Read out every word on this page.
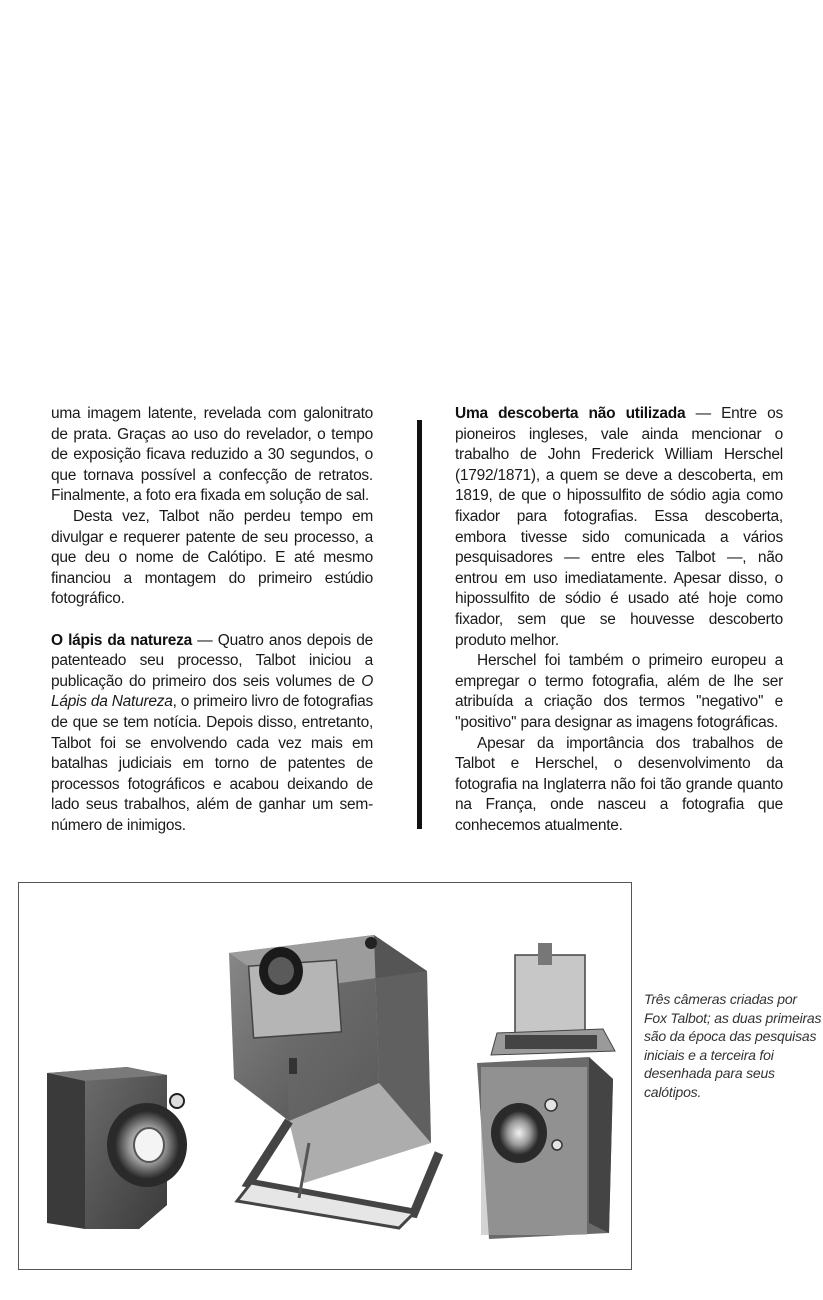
uma imagem latente, revelada com galonitrato de prata. Graças ao uso do revelador, o tempo de exposição ficava reduzido a 30 segundos, o que tornava possível a confecção de retratos. Finalmente, a foto era fixada em solução de sal.

Desta vez, Talbot não perdeu tempo em divulgar e requerer patente de seu processo, a que deu o nome de Calótipo. E até mesmo financiou a montagem do primeiro estúdio fotográfico.

O lápis da natureza — Quatro anos depois de patenteado seu processo, Talbot iniciou a publicação do primeiro dos seis volumes de O Lápis da Natureza, o primeiro livro de fotografias de que se tem notícia. Depois disso, entretanto, Talbot foi se envolvendo cada vez mais em batalhas judiciais em torno de patentes de processos fotográficos e acabou deixando de lado seus trabalhos, além de ganhar um sem-número de inimigos.

Uma descoberta não utilizada — Entre os pioneiros ingleses, vale ainda mencionar o trabalho de John Frederick William Herschel (1792/1871), a quem se deve a descoberta, em 1819, de que o hipossulfito de sódio agia como fixador para fotografias. Essa descoberta, embora tivesse sido comunicada a vários pesquisadores — entre eles Talbot —, não entrou em uso imediatamente. Apesar disso, o hipossulfito de sódio é usado até hoje como fixador, sem que se houvesse descoberto produto melhor.

Herschel foi também o primeiro europeu a empregar o termo fotografia, além de lhe ser atribuída a criação dos termos ''negativo'' e ''positivo'' para designar as imagens fotográficas.

Apesar da importância dos trabalhos de Talbot e Herschel, o desenvolvimento da fotografia na Inglaterra não foi tão grande quanto na França, onde nasceu a fotografia que conhecemos atualmente.

Três câmeras criadas por Fox Talbot; as duas primeiras são da época das pesquisas iniciais e a terceira foi desenhada para seus calótipos.
